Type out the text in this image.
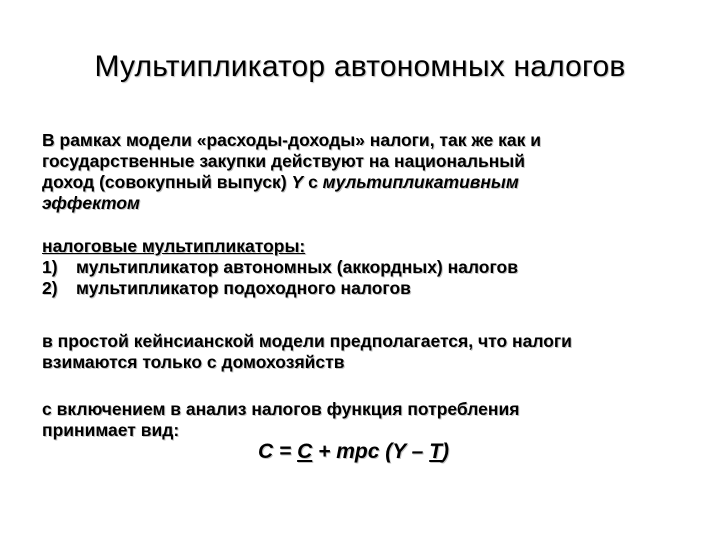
Мультипликатор автономных налогов
В рамках модели «расходы-доходы» налоги, так же как и
государственные закупки действуют на национальный
доход (совокупный выпуск) Y с мультипликативным
эффектом
налоговые мультипликаторы:
1) мультипликатор автономных (аккордных) налогов
2) мультипликатор подоходного налогов
в простой кейнсианской модели предполагается, что налоги
взимаются только с домохозяйств
с включением в анализ налогов функция потребления
принимает вид:
C = C + mpc (Y – T)
